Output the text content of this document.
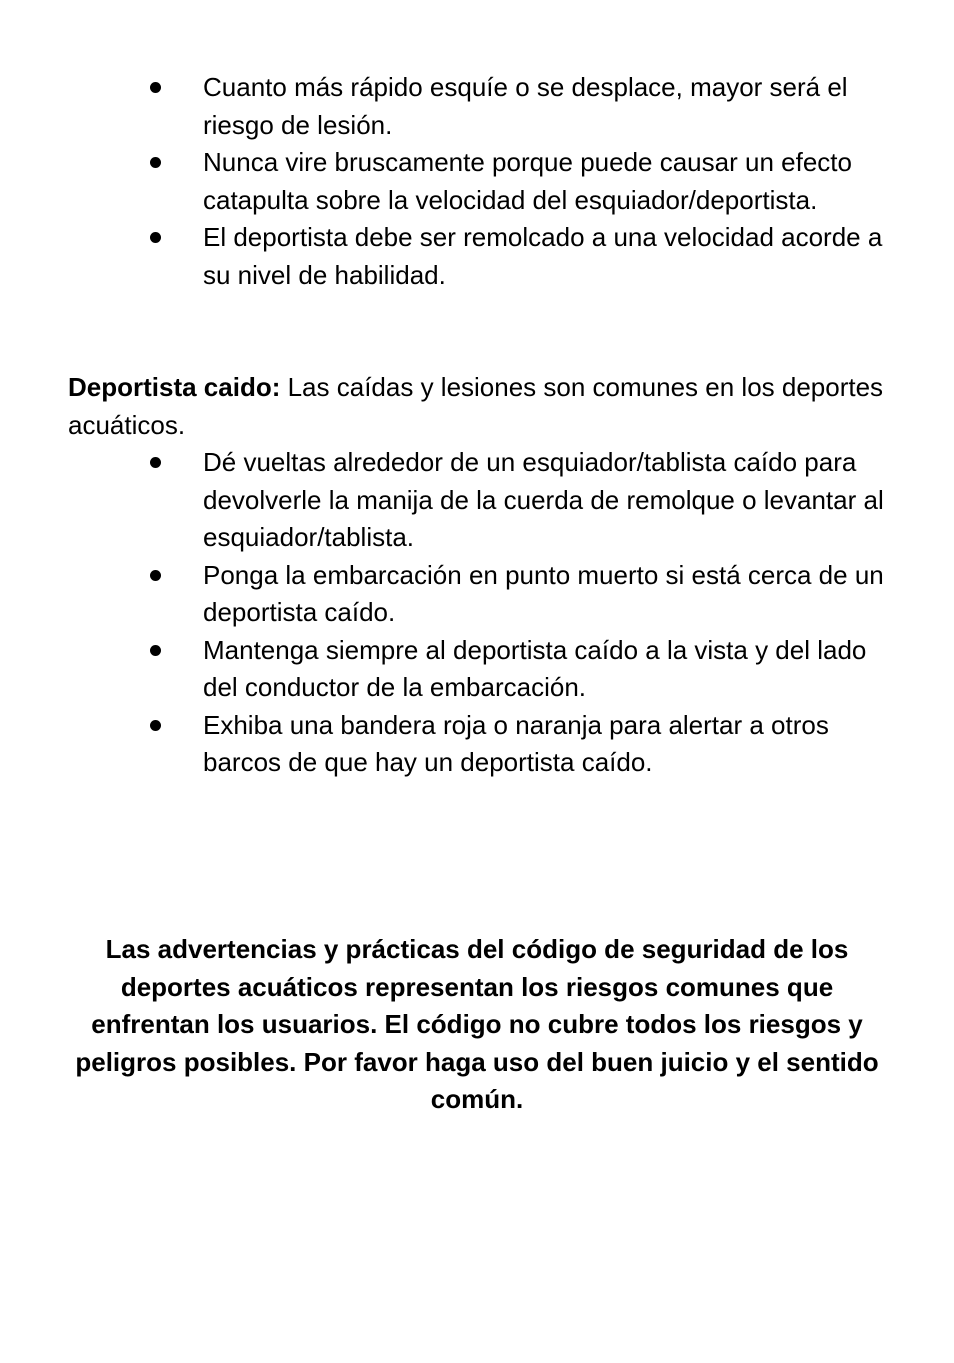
Cuanto más rápido esquíe o se desplace, mayor será el riesgo de lesión.
Nunca vire bruscamente porque puede causar un efecto catapulta sobre la velocidad del esquiador/deportista.
El deportista debe ser remolcado a una velocidad acorde a su nivel de habilidad.
Deportista caido: Las caídas y lesiones son comunes en los deportes acuáticos.
Dé vueltas alrededor de un esquiador/tablista caído para devolverle la manija de la cuerda de remolque o levantar al esquiador/tablista.
Ponga la embarcación en punto muerto si está cerca de un deportista caído.
Mantenga siempre al deportista caído a la vista y del lado del conductor de la embarcación.
Exhiba una bandera roja o naranja para alertar a otros barcos de que hay un deportista caído.
Las advertencias y prácticas del código de seguridad de los deportes acuáticos representan los riesgos comunes que enfrentan los usuarios. El código no cubre todos los riesgos y peligros posibles. Por favor haga uso del buen juicio y el sentido común.
